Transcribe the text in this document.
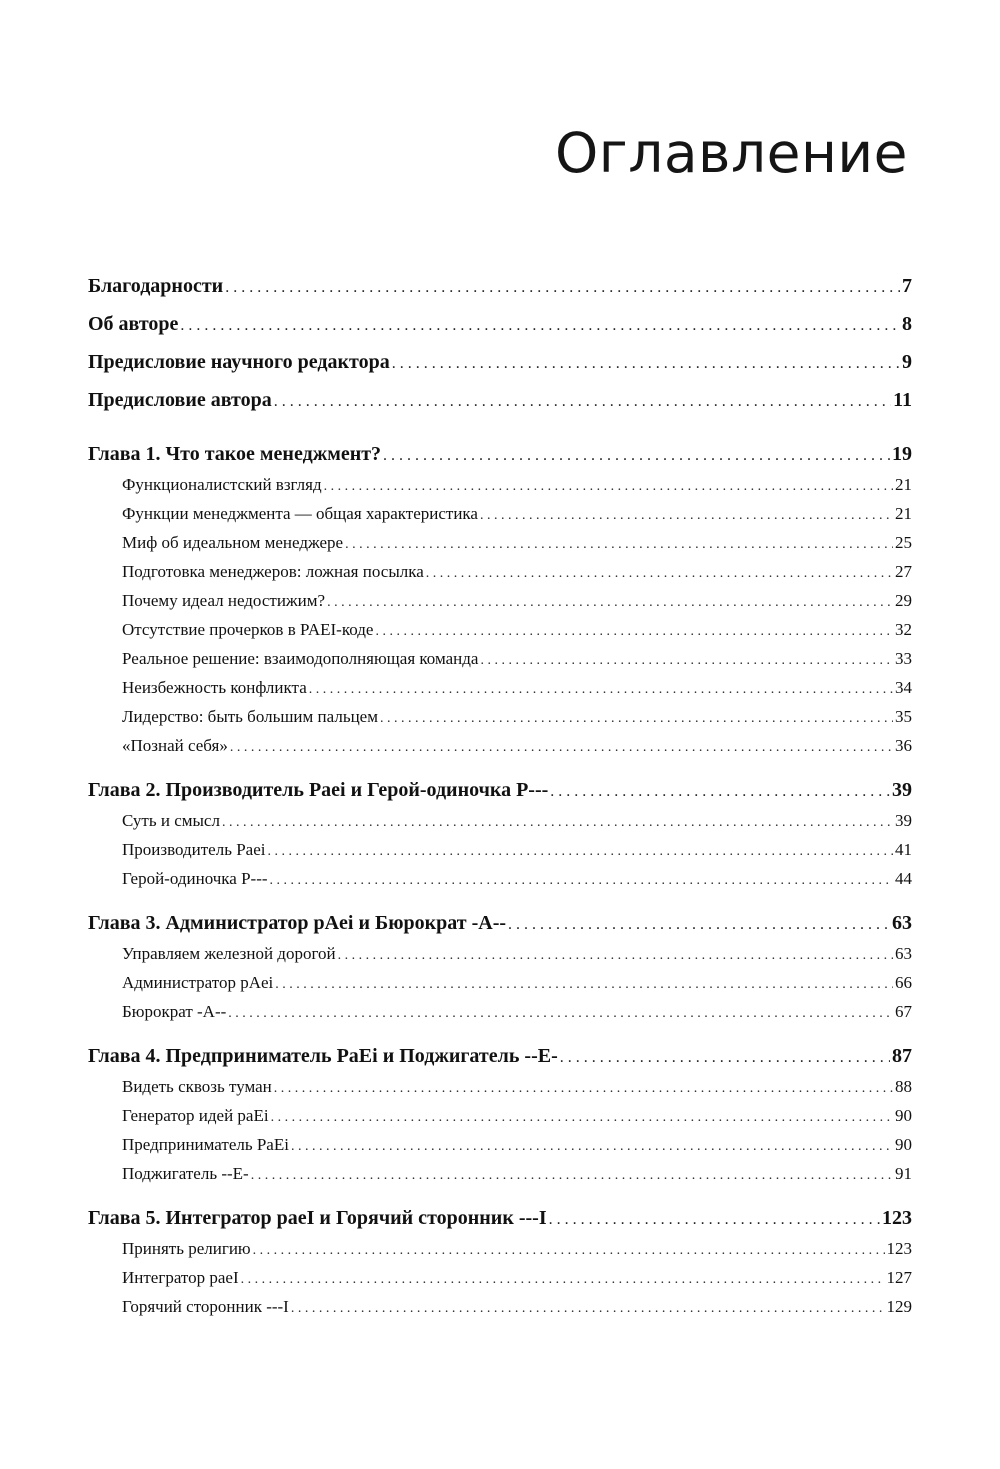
Оглавление
Благодарности . . .	7
Об авторе . . .	8
Предисловие научного редактора . . .	9
Предисловие автора . . .	11
Глава 1. Что такое менеджмент? . . .	19
Функционалистский взгляд . . .	21
Функции менеджмента — общая характеристика . . .	21
Миф об идеальном менеджере . . .	25
Подготовка менеджеров: ложная посылка . . .	27
Почему идеал недостижим? . . .	29
Отсутствие прочерков в PAEI-коде . . .	32
Реальное решение: взаимодополняющая команда . . .	33
Неизбежность конфликта . . .	34
Лидерство: быть большим пальцем . . .	35
«Познай себя» . . .	36
Глава 2. Производитель Paei и Герой-одиночка P--- . . .	39
Суть и смысл . . .	39
Производитель Paei . . .	41
Герой-одиночка P--- . . .	44
Глава 3. Администратор pAei и Бюрократ -A-- . . .	63
Управляем железной дорогой . . .	63
Администратор pAei . . .	66
Бюрократ -A-- . . .	67
Глава 4. Предприниматель PaEi и Поджигатель --E- . . .	87
Видеть сквозь туман . . .	88
Генератор идей paEi . . .	90
Предприниматель PaEi . . .	90
Поджигатель --E- . . .	91
Глава 5. Интегратор paeI и Горячий сторонник ---I . . .	123
Принять религию . . .	123
Интегратор paeI . . .	127
Горячий сторонник ---I . . .	129
